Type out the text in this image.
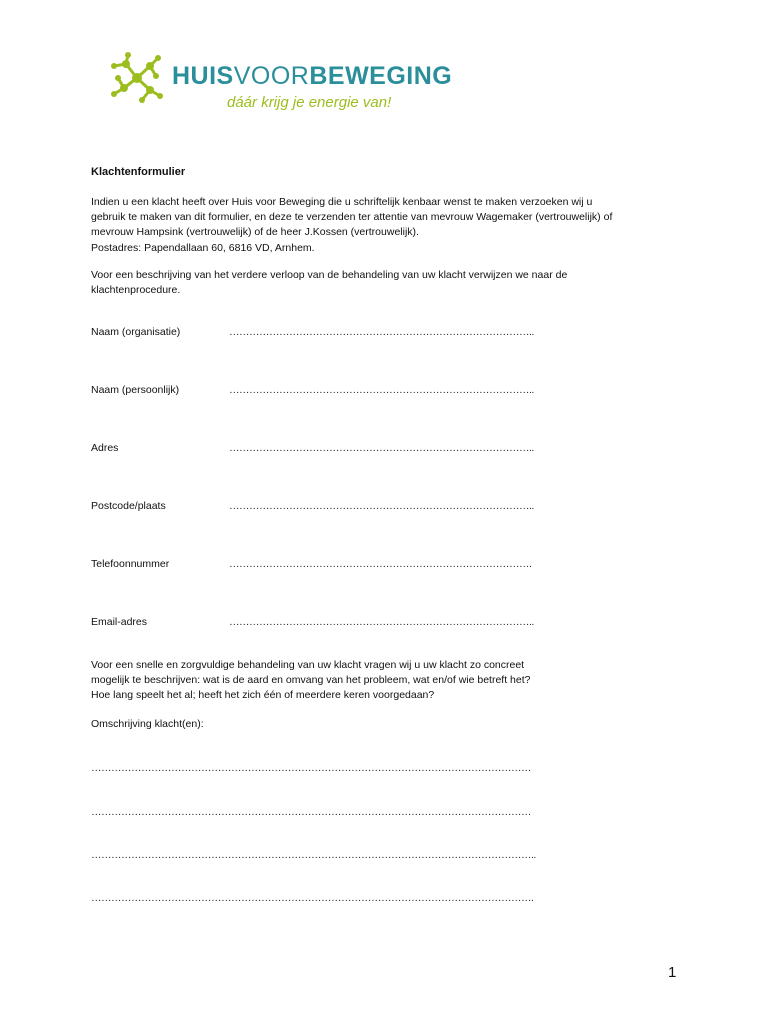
HUISVOORBEWEGING
dáár krijg je energie van!
Klachtenformulier
Indien u een klacht heeft over Huis voor Beweging die u schriftelijk kenbaar wenst te maken verzoeken wij u
gebruik te maken van dit formulier, en deze te verzenden ter attentie van mevrouw Wagemaker (vertrouwelijk) of
mevrouw Hampsink (vertrouwelijk) of de heer J.Kossen (vertrouwelijk).
Postadres: Papendallaan 60, 6816 VD, Arnhem.
Voor een beschrijving van het verdere verloop van de behandeling van uw klacht verwijzen we naar de
klachtenprocedure.
Naam (organisatie)	………………………………………………………………………………..
Naam (persoonlijk)	………………………………………………………………………………..
Adres	………………………………………………………………………………..
Postcode/plaats	………………………………………………………………………………..
Telefoonnummer	……………………………………………………………………………….
Email-adres	………………………………………………………………………………..
Voor een snelle en zorgvuldige behandeling van uw klacht vragen wij u uw klacht zo concreet
mogelijk te beschrijven: wat is de aard en omvang van het probleem, wat en/of wie betreft het?
Hoe lang speelt het al; heeft het zich één of meerdere keren voorgedaan?
Omschrijving klacht(en):
……………………………………………………………………………………………………………………
……………………………………………………………………………………………………………………
……………………………………………………………………………………………………………………..
…………………………………………………………………………………………………………………….
1
